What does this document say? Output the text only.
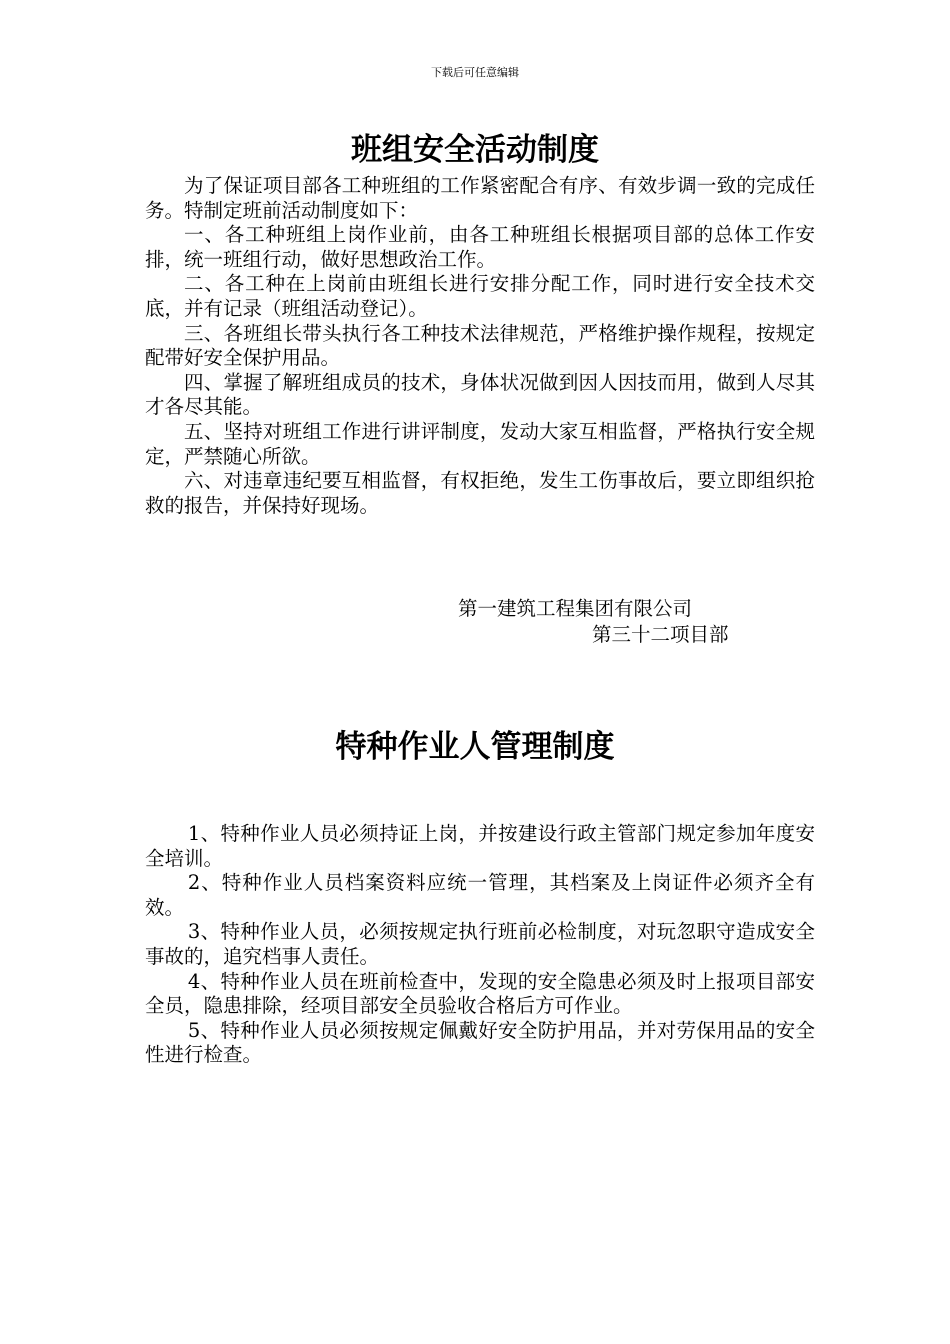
下载后可任意编辑
班组安全活动制度

为了保证项目部各工种班组的工作紧密配合有序、有效步调一致的完成任务。特制定班前活动制度如下：

一、各工种班组上岗作业前，由各工种班组长根据项目部的总体工作安排，统一班组行动，做好思想政治工作。

二、各工种在上岗前由班组长进行安排分配工作，同时进行安全技术交底，并有记录（班组活动登记）。

三、各班组长带头执行各工种技术法律规范，严格维护操作规程，按规定配带好安全保护用品。

四、掌握了解班组成员的技术，身体状况做到因人因技而用，做到人尽其才各尽其能。

五、坚持对班组工作进行讲评制度，发动大家互相监督，严格执行安全规定，严禁随心所欲。

六、对违章违纪要互相监督，有权拒绝，发生工伤事故后，要立即组织抢救的报告，并保持好现场。

第一建筑工程集团有限公司
第三十二项目部
特种作业人管理制度

1、特种作业人员必须持证上岗，并按建设行政主管部门规定参加年度安全培训。

2、特种作业人员档案资料应统一管理，其档案及上岗证件必须齐全有效。

3、特种作业人员，必须按规定执行班前必检制度，对玩忽职守造成安全事故的，追究档事人责任。

4、特种作业人员在班前检查中，发现的安全隐患必须及时上报项目部安全员，隐患排除，经项目部安全员验收合格后方可作业。

5、特种作业人员必须按规定佩戴好安全防护用品，并对劳保用品的安全性进行检查。
